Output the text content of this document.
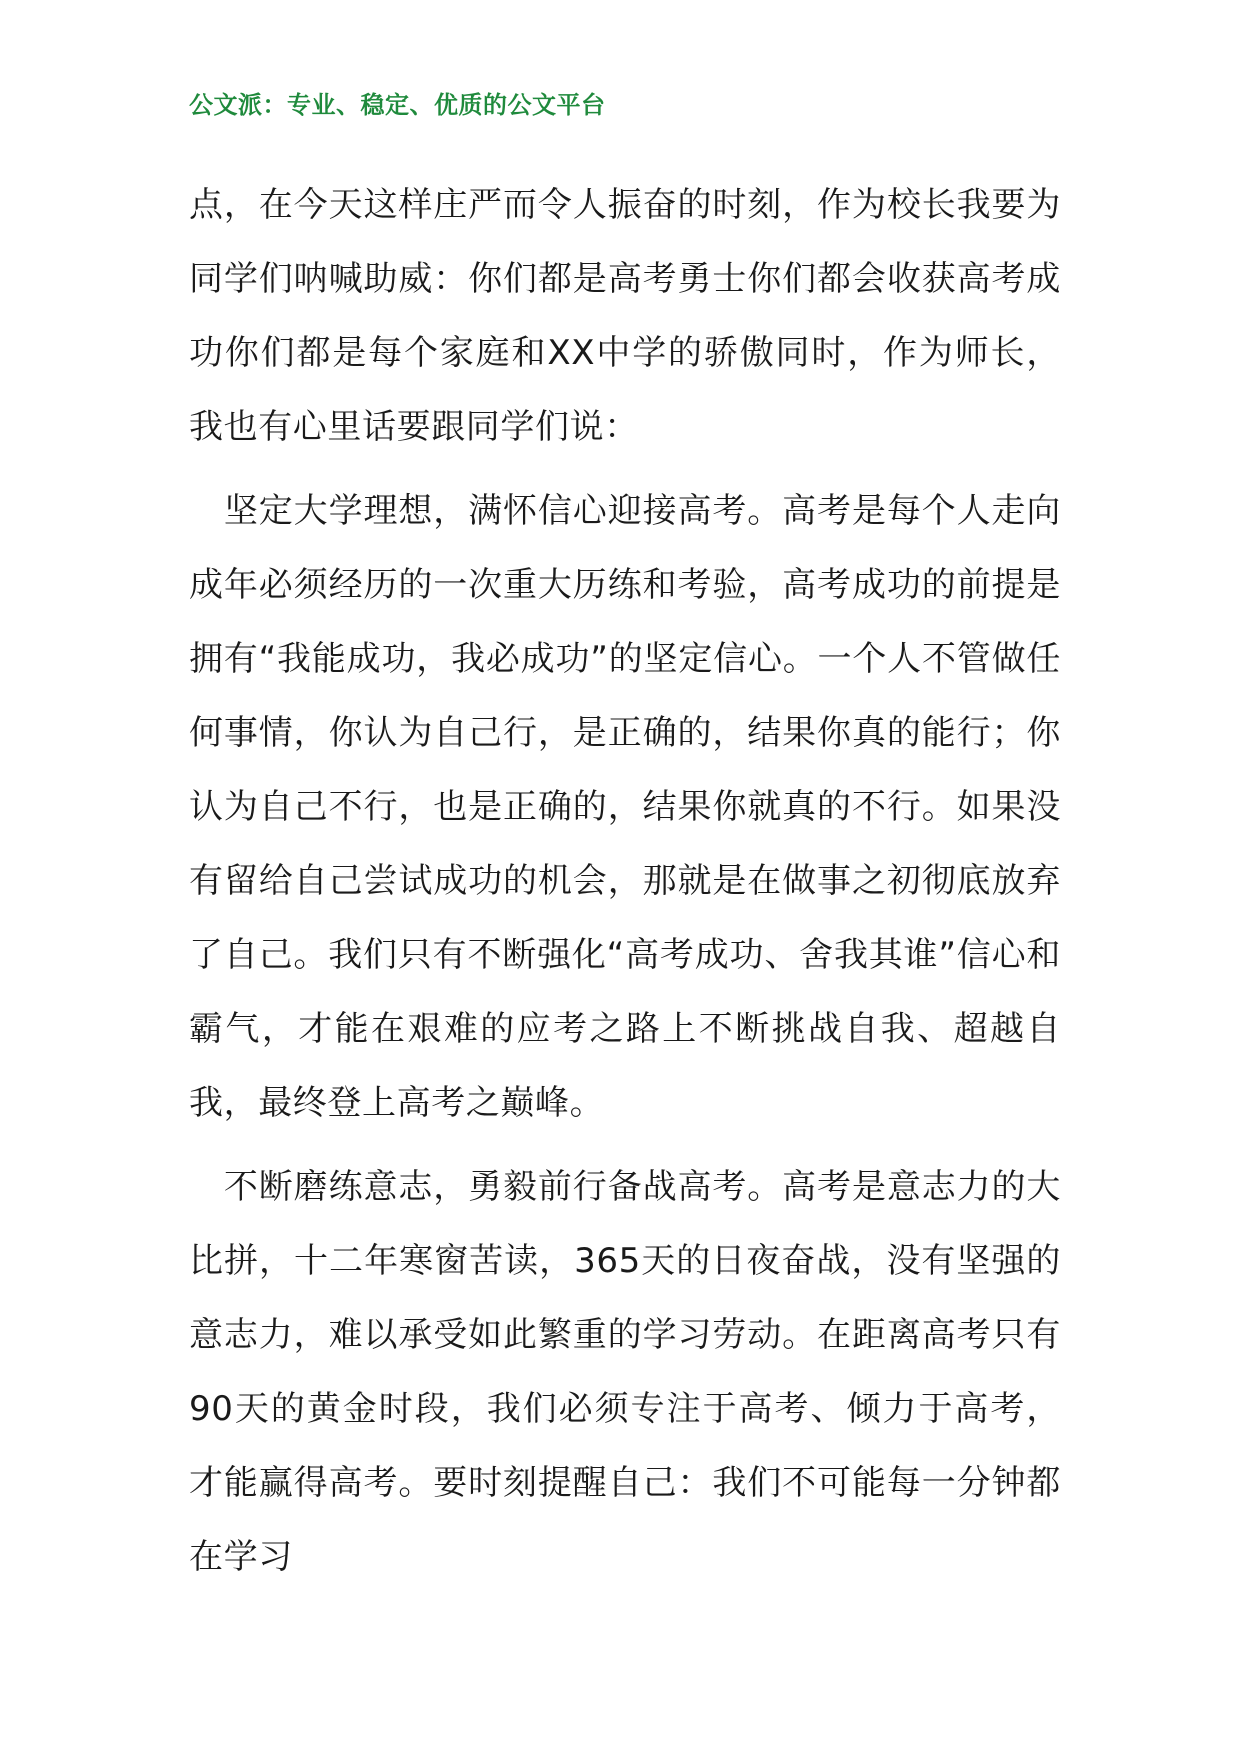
公文派：专业、稳定、优质的公文平台

点，在今天这样庄严而令人振奋的时刻，作为校长我要为同学们呐喊助威：你们都是高考勇士你们都会收获高考成功你们都是每个家庭和XX中学的骄傲同时，作为师长，我也有心里话要跟同学们说：

　坚定大学理想，满怀信心迎接高考。高考是每个人走向成年必须经历的一次重大历练和考验，高考成功的前提是拥有“我能成功，我必成功”的坚定信心。一个人不管做任何事情，你认为自己行，是正确的，结果你真的能行；你认为自己不行，也是正确的，结果你就真的不行。如果没有留给自己尝试成功的机会，那就是在做事之初彻底放弃了自己。我们只有不断强化“高考成功、舍我其谁”信心和霸气，才能在艰难的应考之路上不断挑战自我、超越自我，最终登上高考之巅峰。

　不断磨练意志，勇毅前行备战高考。高考是意志力的大比拼，十二年寒窗苦读，365天的日夜奋战，没有坚强的意志力，难以承受如此繁重的学习劳动。在距离高考只有90天的黄金时段，我们必须专注于高考、倾力于高考，才能赢得高考。要时刻提醒自己：我们不可能每一分钟都在学习
